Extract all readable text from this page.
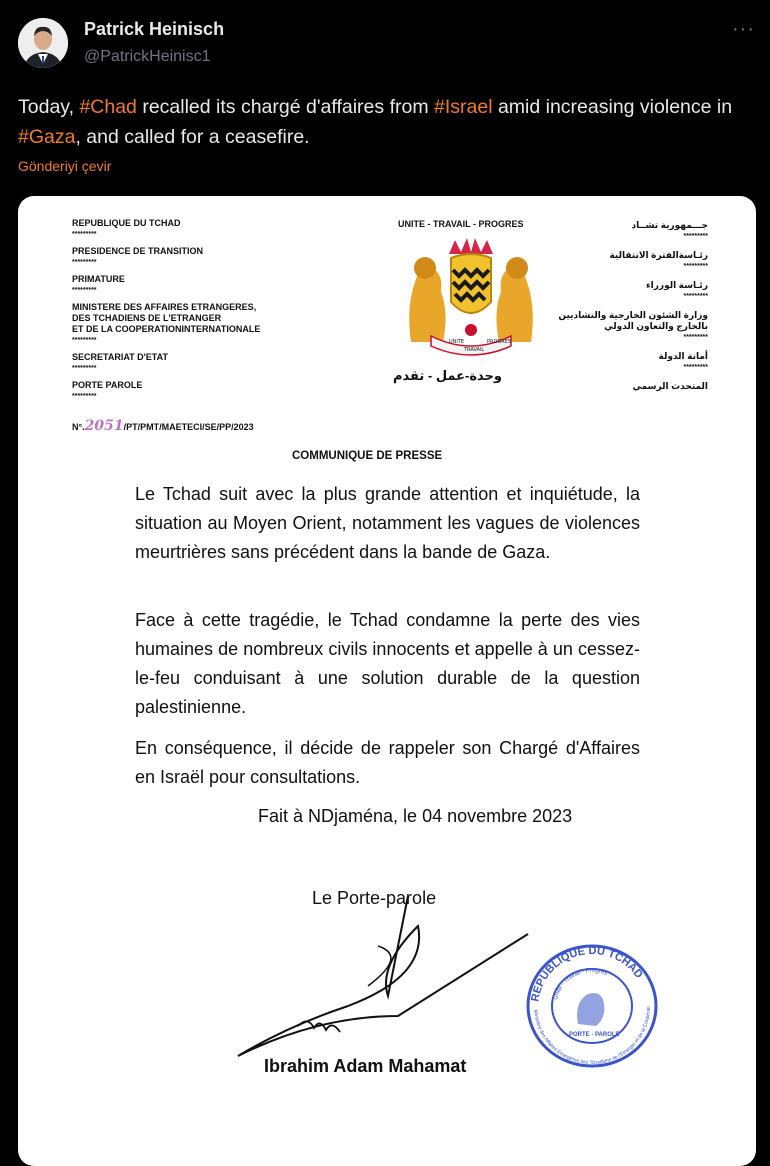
Patrick Heinisch
@PatrickHeinisc1
···
Today, #Chad recalled its chargé d'affaires from #Israel amid increasing violence in #Gaza, and called for a ceasefire.
Gönderiyi çevir
REPUBLIQUE DU TCHAD
*********
PRESIDENCE DE TRANSITION
*********
PRIMATURE
*********
MINISTERE DES AFFAIRES ETRANGERES,
DES TCHADIENS DE L'ETRANGER
ET DE LA COOPERATIONINTERNATIONALE
*********
SECRETARIAT D'ETAT
*********
PORTE PAROLE
*********
UNITE - TRAVAIL - PROGRES
UNITE
TRAVAIL
PROGRES
وحدة-عمل - تقدم
جـــمهورية تشــاد
*********
رئـاسةالفترة الانتقالية
*********
رئـاسة الوزراء
*********
وزارة الشئون الخارجية والتشاديين
بالخارج والتعاون الدولي
*********
أمانة الدولة
*********
المتحدث الرسمي
N°.2051/PT/PMT/MAETECI/SE/PP/2023
COMMUNIQUE DE PRESSE
Le Tchad suit avec la plus grande attention et inquiétude, la situation au Moyen Orient, notamment les vagues de violences meurtrières sans précédent dans la bande de Gaza.
Face à cette tragédie, le Tchad condamne la perte des vies humaines de nombreux civils innocents et appelle à un cessez-le-feu conduisant à une solution durable de la question palestinienne.
En conséquence, il décide de rappeler son Chargé d'Affaires en Israël pour consultations.
Fait à NDjaména, le 04 novembre 2023
Le Porte-parole
Ibrahim Adam Mahamat
REPUBLIQUE DU TCHAD
Unité - Travail - Progrès
Ministère des Affaires Etrangères des Tchadiens de l'Etranger et de la Coopérati
PORTE - PAROLE
